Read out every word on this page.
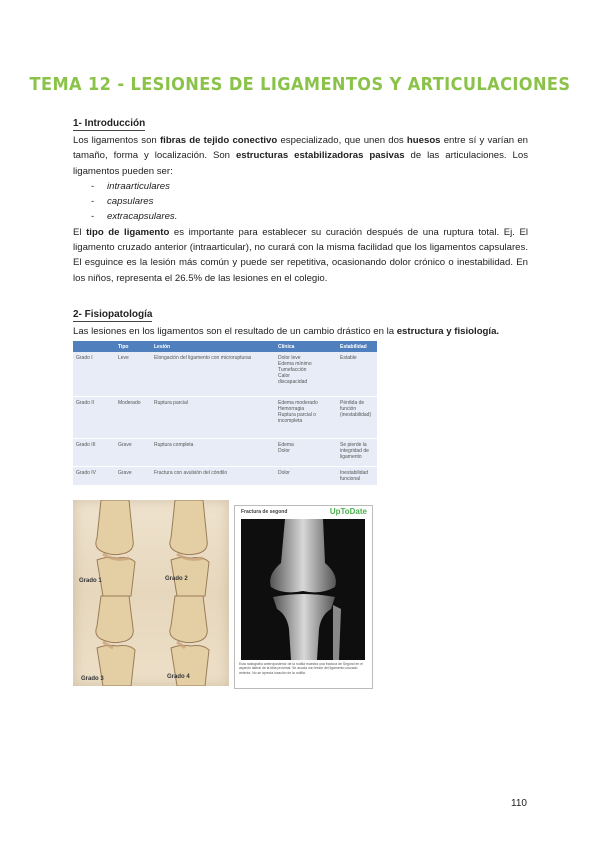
TEMA 12 - LESIONES DE LIGAMENTOS Y ARTICULACIONES
1- Introducción

Los ligamentos son fibras de tejido conectivo especializado, que unen dos huesos entre sí y varían en tamaño, forma y localización. Son estructuras estabilizadoras pasivas de las articulaciones. Los ligamentos pueden ser:

- intraarticulares
- capsulares
- extracapsulares.

El tipo de ligamento es importante para establecer su curación después de una ruptura total. Ej. El ligamento cruzado anterior (intraarticular), no curará con la misma facilidad que los ligamentos capsulares. El esguince es la lesión más común y puede ser repetitiva, ocasionando dolor crónico o inestabilidad. En los niños, representa el 26.5% de las lesiones en el colegio.

2- Fisiopatología

Las lesiones en los ligamentos son el resultado de un cambio drástico en la estructura y fisiología.

	Tipo	Lesión	Clínica	Estabilidad
Grado I	Leve	Elongación del ligamento con microrupturas	Dolor leve
Edema mínimo
Tumefacción
Calor
discapacidad	Estable
Grado II	Moderado	Ruptura parcial	Edema moderado
Hemorragia
Ruptura parcial o
incompleta	Pérdida de función (inestabilidad)
Grado III	Grave	Ruptura completa	Edema
Dolor	Se pierde la integridad de ligamento
Grado IV	Grave	Fractura con avulsión del cóndilo	Dolor	Inestabilidad funcional
Grado 1	Grado 2
Grado 3	Grado 4
Fractura de segond	UpToDate
Esta radiografía anteroposterior de la rodilla muestra una fractura de Segond en el aspecto lateral de la tibia proximal. Se asocia con lesión del ligamento cruzado anterior. No se aprecia luxación de la rodilla.
110
